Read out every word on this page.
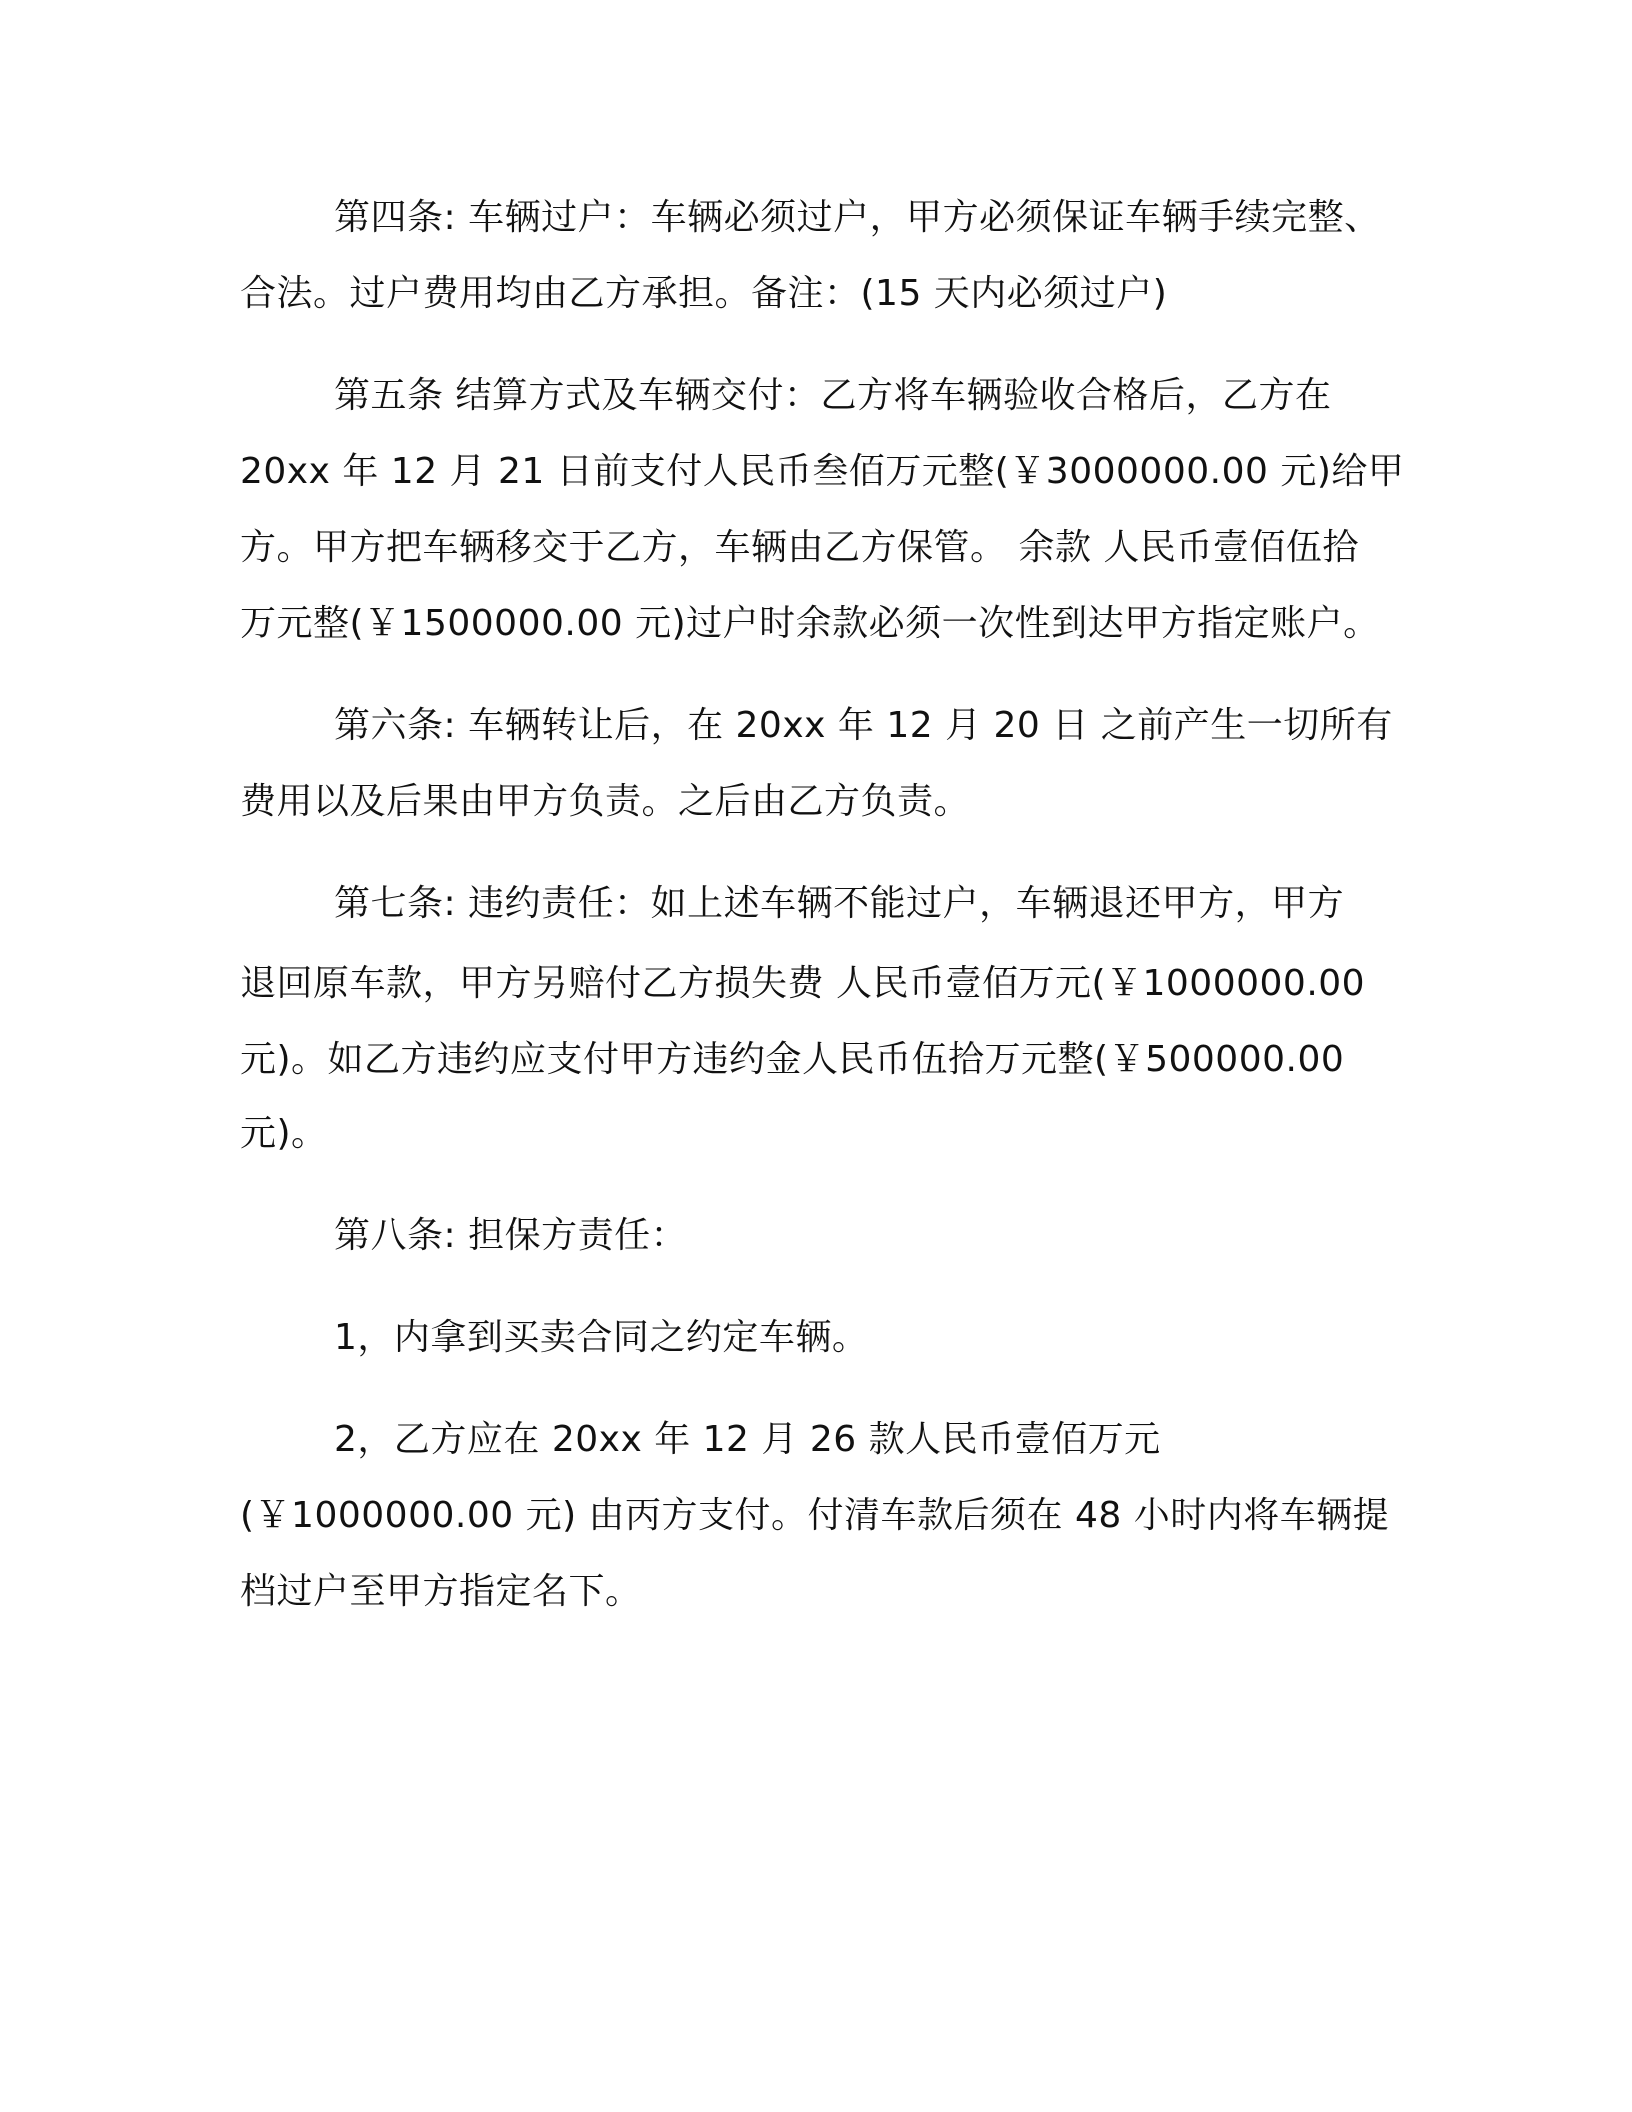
第四条: 车辆过户：车辆必须过户，甲方必须保证车辆手续完整、
合法。过户费用均由乙方承担。备注：(15 天内必须过户)
第五条 结算方式及车辆交付：乙方将车辆验收合格后，乙方在
20xx 年 12 月 21 日前支付人民币叁佰万元整(￥3000000.00 元)给甲
方。甲方把车辆移交于乙方，车辆由乙方保管。 余款 人民币壹佰伍拾
万元整(￥1500000.00 元)过户时余款必须一次性到达甲方指定账户。
第六条: 车辆转让后，在 20xx 年 12 月 20 日 之前产生一切所有
费用以及后果由甲方负责。之后由乙方负责。
第七条: 违约责任：如上述车辆不能过户，车辆退还甲方，甲方
退回原车款，甲方另赔付乙方损失费 人民币壹佰万元(￥1000000.00
元)。如乙方违约应支付甲方违约金人民币伍拾万元整(￥500000.00
元)。
第八条: 担保方责任：
1，内拿到买卖合同之约定车辆。
2，乙方应在 20xx 年 12 月 26 款人民币壹佰万元
(￥1000000.00 元) 由丙方支付。付清车款后须在 48 小时内将车辆提
档过户至甲方指定名下。
